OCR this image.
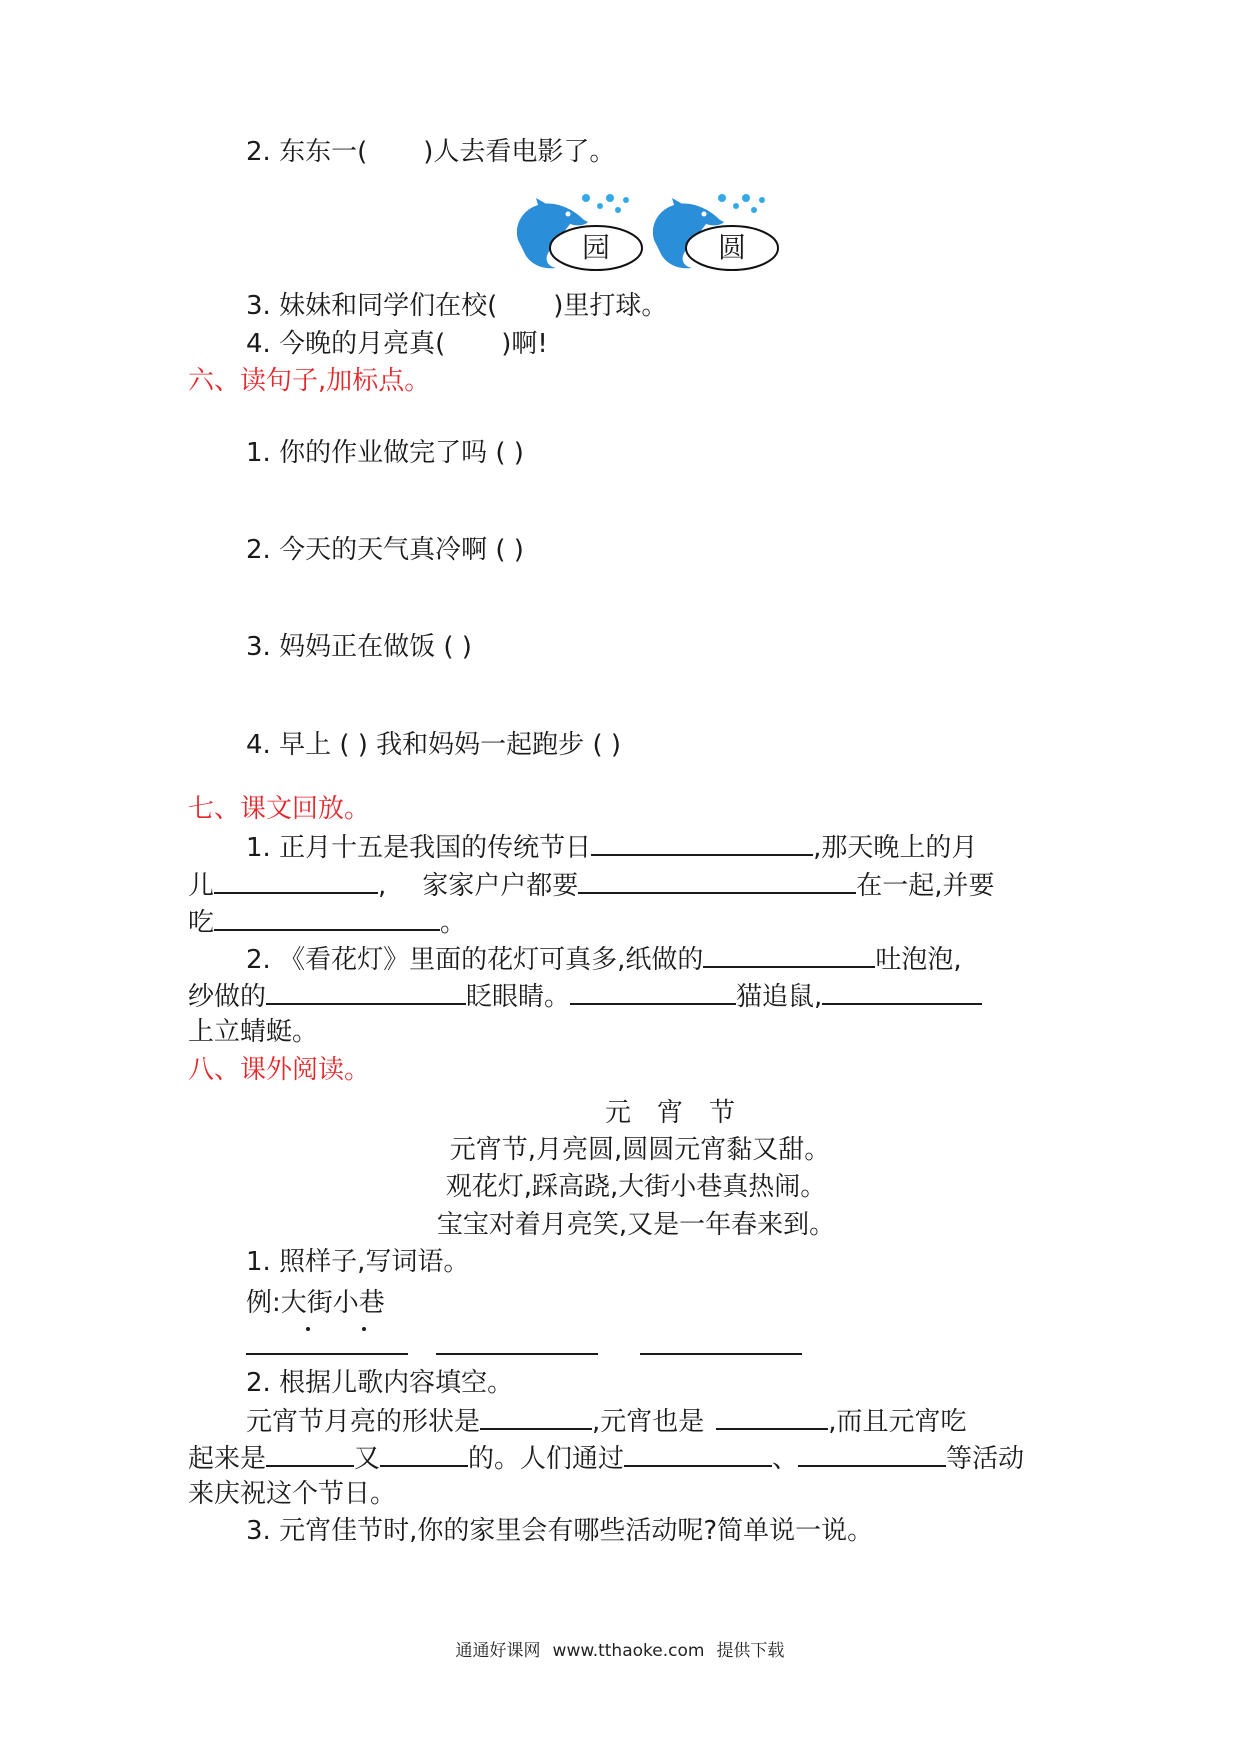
2. 东东一( )人去看电影了。
园	圆
3. 妹妹和同学们在校( )里打球。
4. 今晚的月亮真( )啊!
六、读句子,加标点。
1. 你的作业做完了吗 ( )
2. 今天的天气真冷啊 ( )
3. 妈妈正在做饭 ( )
4. 早上 ( ) 我和妈妈一起跑步 ( )
七、课文回放。
1. 正月十五是我国的传统节日	,那天晚上的月
儿	, 家家户户都要	在一起,并要
吃	。
2. 《看花灯》里面的花灯可真多,纸做的	吐泡泡,
纱做的	眨眼睛。	猫追鼠,
上立蜻蜓。
八、课外阅读。
元　宵　节
元宵节,月亮圆,圆圆元宵黏又甜。
观花灯,踩高跷,大街小巷真热闹。
宝宝对着月亮笑,又是一年春来到。
1. 照样子,写词语。
例:大街小巷
2. 根据儿歌内容填空。
元宵节月亮的形状是	,元宵也是	,而且元宵吃
起来是	又	的。人们通过	、	等活动
来庆祝这个节日。
3. 元宵佳节时,你的家里会有哪些活动呢?简单说一说。
通通好课网 www.tthaoke.com 提供下载
